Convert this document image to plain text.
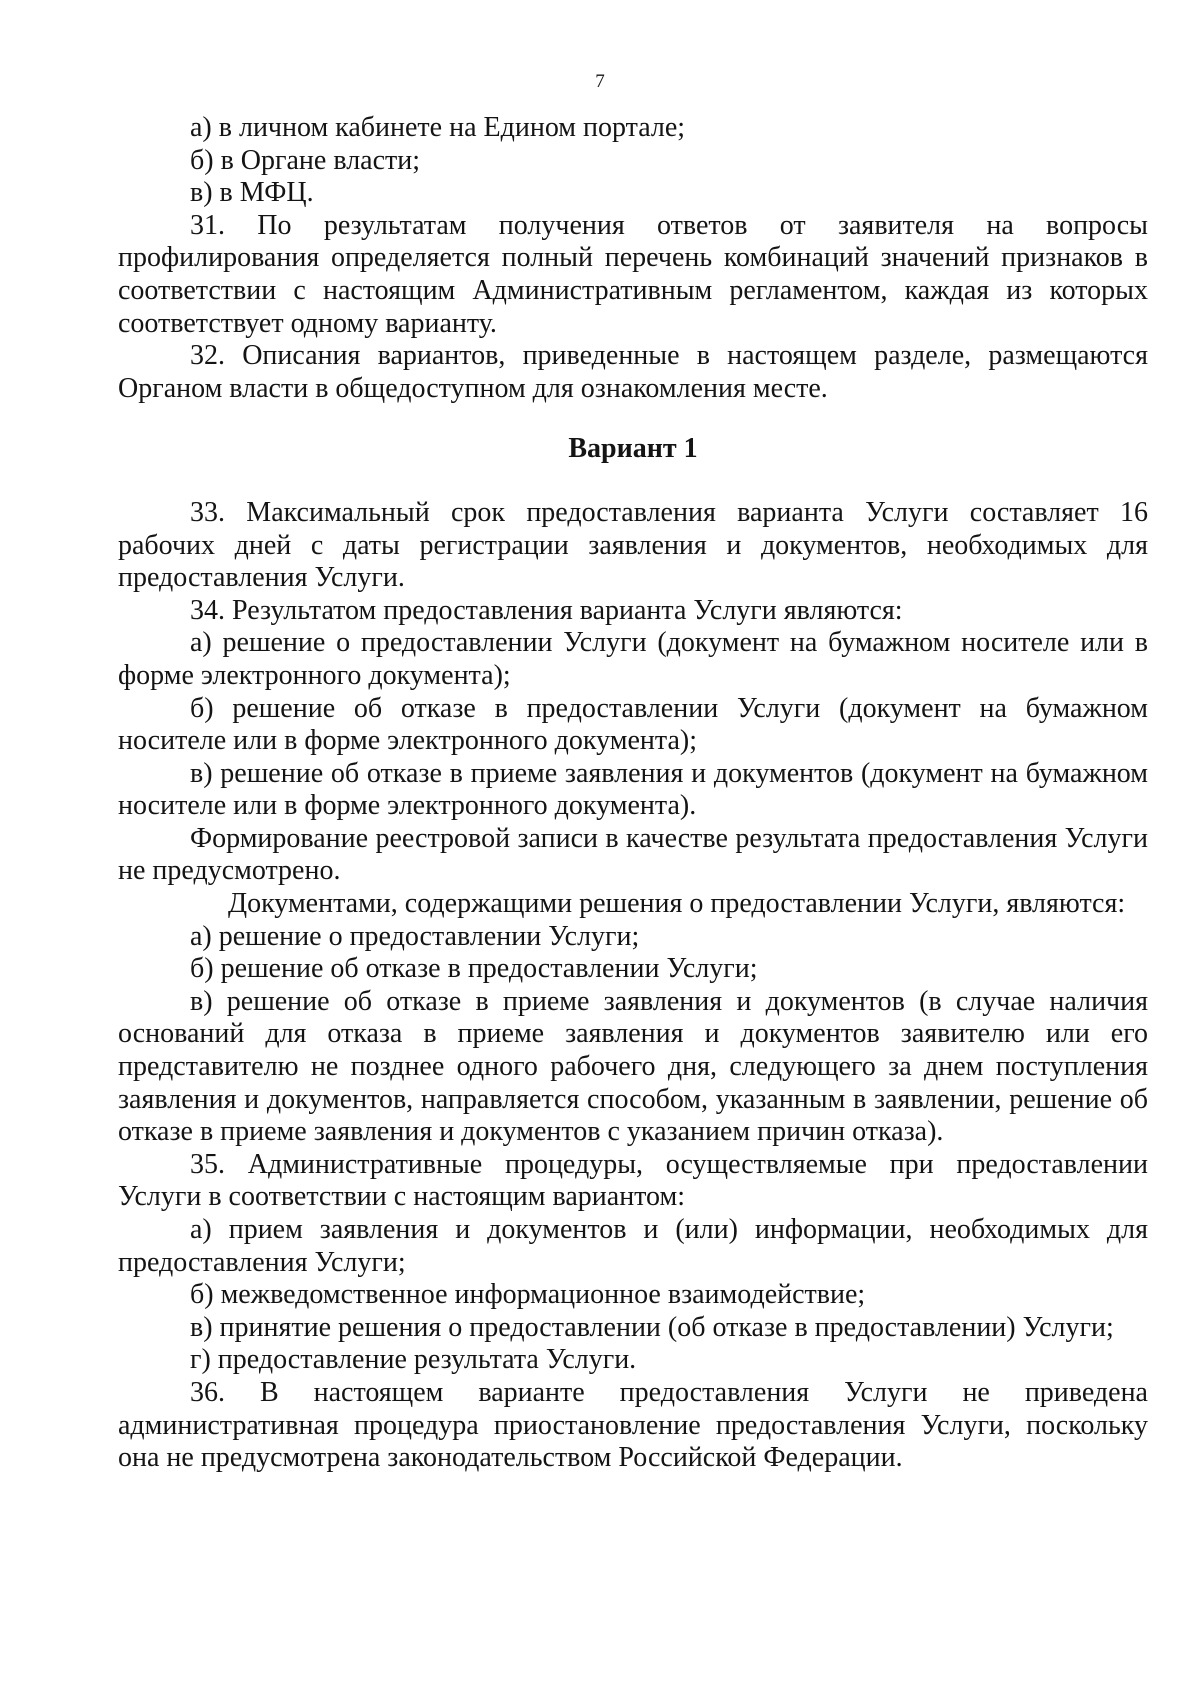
7

а) в личном кабинете на Едином портале;

б) в Органе власти;

в) в МФЦ.

31. По результатам получения ответов от заявителя на вопросы профилирования определяется полный перечень комбинаций значений признаков в соответствии с настоящим Административным регламентом, каждая из которых соответствует одному варианту.

32. Описания вариантов, приведенные в настоящем разделе, размещаются Органом власти в общедоступном для ознакомления месте.

Вариант 1

33. Максимальный срок предоставления варианта Услуги составляет 16 рабочих дней с даты регистрации заявления и документов, необходимых для предоставления Услуги.

34. Результатом предоставления варианта Услуги являются:

а) решение о предоставлении Услуги (документ на бумажном носителе или в форме электронного документа);

б) решение об отказе в предоставлении Услуги (документ на бумажном носителе или в форме электронного документа);

в) решение об отказе в приеме заявления и документов (документ на бумажном носителе или в форме электронного документа).

Формирование реестровой записи в качестве результата предоставления Услуги не предусмотрено.

Документами, содержащими решения о предоставлении Услуги, являются:

а) решение о предоставлении Услуги;

б) решение об отказе в предоставлении Услуги;

в) решение об отказе в приеме заявления и документов (в случае наличия оснований для отказа в приеме заявления и документов заявителю или его представителю не позднее одного рабочего дня, следующего за днем поступления заявления и документов, направляется способом, указанным в заявлении, решение об отказе в приеме заявления и документов с указанием причин отказа).

35. Административные процедуры, осуществляемые при предоставлении Услуги в соответствии с настоящим вариантом:

а) прием заявления и документов и (или) информации, необходимых для предоставления Услуги;

б) межведомственное информационное взаимодействие;

в) принятие решения о предоставлении (об отказе в предоставлении) Услуги;

г) предоставление результата Услуги.

36. В настоящем варианте предоставления Услуги не приведена административная процедура приостановление предоставления Услуги, поскольку она не предусмотрена законодательством Российской Федерации.
